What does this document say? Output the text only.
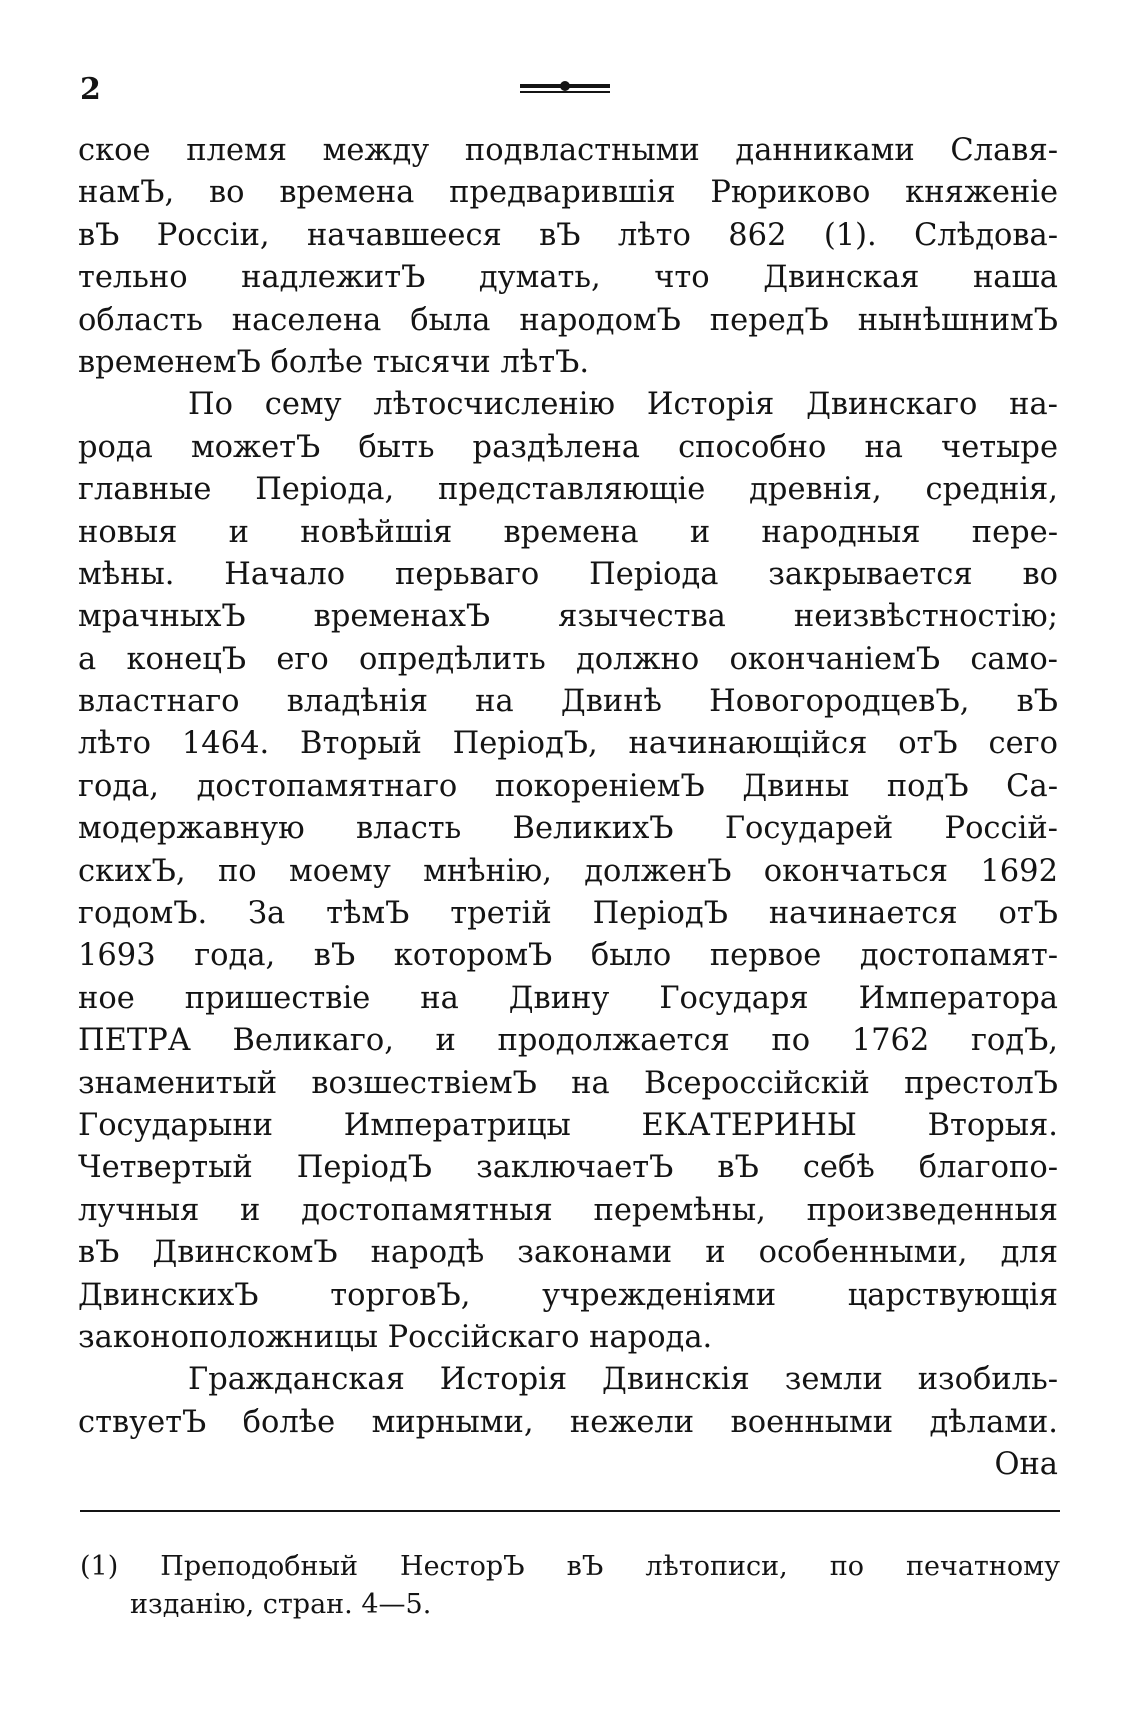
2
ское племя между подвластными данниками Славя-
намЪ, во времена предварившія Рюриково княженіе
вЪ Россіи, начавшееся вЪ лѣто 862 (1). Слѣдова-
тельно надлежитЪ думать, что Двинская наша
область населена была народомЪ передЪ нынѣшнимЪ
временемЪ болѣе тысячи лѣтЪ.
По сему лѣтосчисленію Исторія Двинскаго на-
рода можетЪ быть раздѣлена способно на четыре
главные Періода, представляющіе древнія, среднія,
новыя и новѣйшія времена и народныя пере-
мѣны. Начало перьваго Періода закрывается во
мрачныхЪ временахЪ язычества неизвѣстностію;
а конецЪ его опредѣлить должно окончаніемЪ само-
властнаго владѣнія на Двинѣ НовогородцевЪ, вЪ
лѣто 1464. Вторый ПеріодЪ, начинающійся отЪ сего
года, достопамятнаго покореніемЪ Двины подЪ Са-
модержавную власть ВеликихЪ Государей Россій-
скихЪ, по моему мнѣнію, долженЪ окончаться 1692
годомЪ. За тѣмЪ третій ПеріодЪ начинается отЪ
1693 года, вЪ которомЪ было первое достопамят-
ное пришествіе на Двину Государя Императора
ПЕТРА Великаго, и продолжается по 1762 годЪ,
знаменитый возшествіемЪ на Всероссійскій престолЪ
Государыни Императрицы ЕКАТЕРИНЫ Вторыя.
Четвертый ПеріодЪ заключаетЪ вЪ себѣ благопо-
лучныя и достопамятныя перемѣны, произведенныя
вЪ ДвинскомЪ народѣ законами и особенными, для
ДвинскихЪ торговЪ, учрежденіями царствующія
законоположницы Россійскаго народа.
Гражданская Исторія Двинскія земли изобиль-
ствуетЪ болѣе мирными, нежели военными дѣлами.
Она
(1) Преподобный НесторЪ вЪ лѣтописи, по печатному
изданію, стран. 4—5.
